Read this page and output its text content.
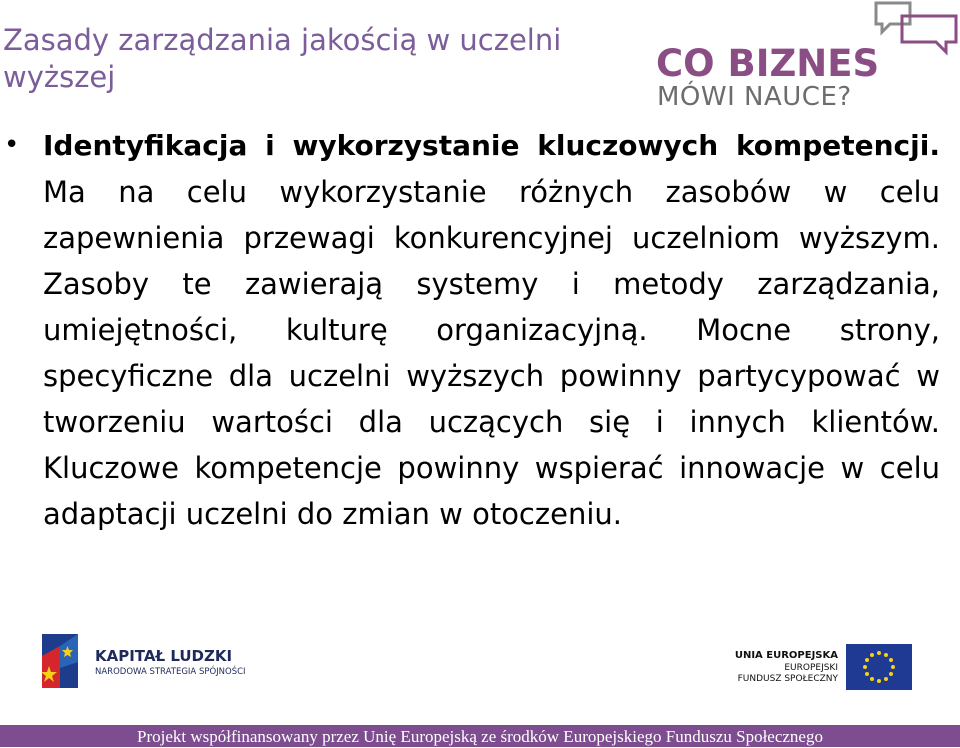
Zasady zarządzania jakością w uczelni wyższej	CO BIZNES
MÓWI NAUCE?
• Identyfikacja i wykorzystanie kluczowych kompetencji. Ma na celu wykorzystanie różnych zasobów w celu zapewnienia przewagi konkurencyjnej uczelniom wyższym. Zasoby te zawierają systemy i metody zarządzania, umiejętności, kulturę organizacyjną. Mocne strony, specyficzne dla uczelni wyższych powinny partycypować w tworzeniu wartości dla uczących się i innych klientów. Kluczowe kompetencje powinny wspierać innowacje w celu adaptacji uczelni do zmian w otoczeniu.
KAPITAŁ LUDZKI
NARODOWA STRATEGIA SPÓJNOŚCI
UNIA EUROPEJSKA
EUROPEJSKI
FUNDUSZ SPOŁECZNY
Projekt współfinansowany przez Unię Europejską ze środków Europejskiego Funduszu Społecznego
